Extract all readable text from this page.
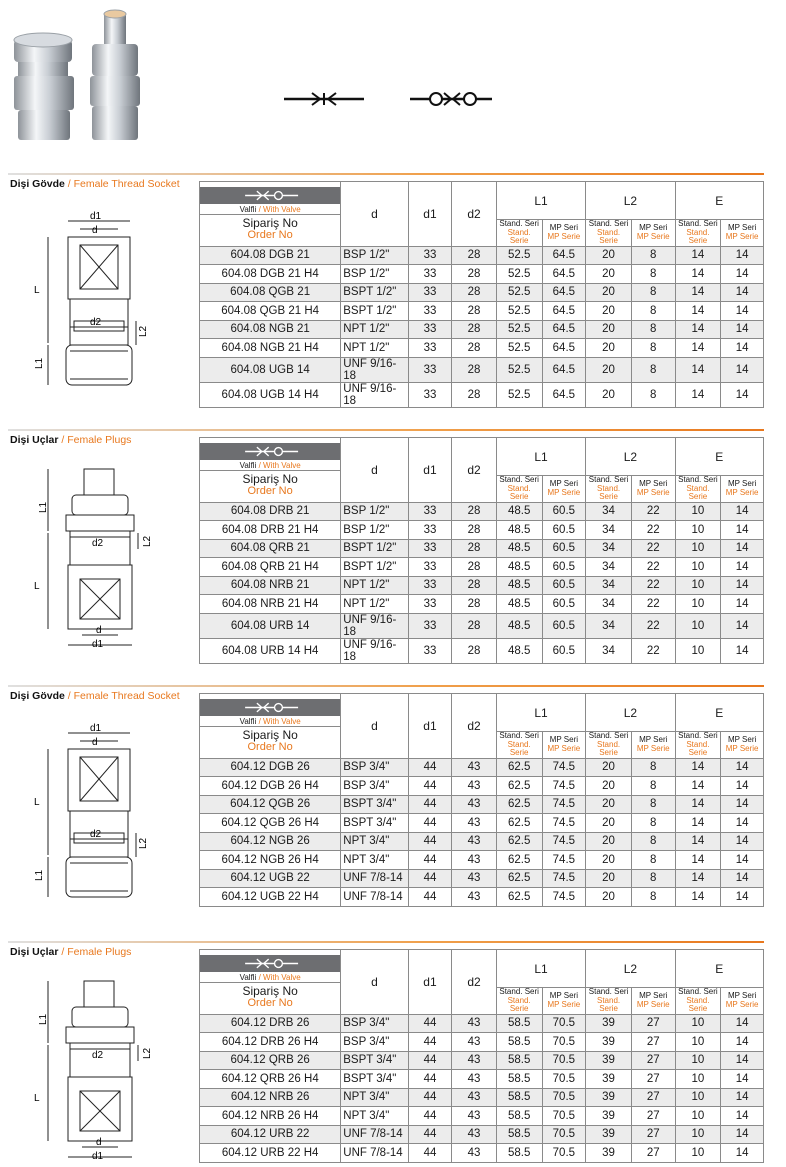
Dişi Gövde / Female Thread Socket
d1
d
d2
L
L1
L2
Valfli / With Valve
Sipariş No
Order No	d	d1	d2	L1		L2		E	
				Stand. Seri
Stand. Serie	MP Seri
MP Serie	Stand. Seri
Stand. Serie	MP Seri
MP Serie	Stand. Seri
Stand. Serie	MP Seri
MP Serie

604.08 DGB 21	BSP 1/2"	33	28	52.5	64.5	20	8	14	14
604.08 DGB 21 H4	BSP 1/2"	33	28	52.5	64.5	20	8	14	14
604.08 QGB 21	BSPT 1/2"	33	28	52.5	64.5	20	8	14	14
604.08 QGB 21 H4	BSPT 1/2"	33	28	52.5	64.5	20	8	14	14
604.08 NGB 21	NPT 1/2"	33	28	52.5	64.5	20	8	14	14
604.08 NGB 21 H4	NPT 1/2"	33	28	52.5	64.5	20	8	14	14
604.08 UGB 14	UNF 9/16-18	33	28	52.5	64.5	20	8	14	14
604.08 UGB 14 H4	UNF 9/16-18	33	28	52.5	64.5	20	8	14	14
Dişi Uçlar / Female Plugs
L1
d2	L2
L
d
d1
Valfli / With Valve
Sipariş No
Order No	d	d1	d2	L1		L2		E	
				Stand. Seri
Stand. Serie	MP Seri
MP Serie	Stand. Seri
Stand. Serie	MP Seri
MP Serie	Stand. Seri
Stand. Serie	MP Seri
MP Serie

604.08 DRB 21	BSP 1/2"	33	28	48.5	60.5	34	22	10	14
604.08 DRB 21 H4	BSP 1/2"	33	28	48.5	60.5	34	22	10	14
604.08 QRB 21	BSPT 1/2"	33	28	48.5	60.5	34	22	10	14
604.08 QRB 21 H4	BSPT 1/2"	33	28	48.5	60.5	34	22	10	14
604.08 NRB 21	NPT 1/2"	33	28	48.5	60.5	34	22	10	14
604.08 NRB 21 H4	NPT 1/2"	33	28	48.5	60.5	34	22	10	14
604.08 URB 14	UNF 9/16-18	33	28	48.5	60.5	34	22	10	14
604.08 URB 14 H4	UNF 9/16-18	33	28	48.5	60.5	34	22	10	14
Dişi Gövde / Female Thread Socket
d1
d
d2
L
L1
L2
Valfli / With Valve
Sipariş No
Order No	d	d1	d2	L1		L2		E	
				Stand. Seri
Stand. Serie	MP Seri
MP Serie	Stand. Seri
Stand. Serie	MP Seri
MP Serie	Stand. Seri
Stand. Serie	MP Seri
MP Serie

604.12 DGB 26	BSP 3/4"	44	43	62.5	74.5	20	8	14	14
604.12 DGB 26 H4	BSP 3/4"	44	43	62.5	74.5	20	8	14	14
604.12 QGB 26	BSPT 3/4"	44	43	62.5	74.5	20	8	14	14
604.12 QGB 26 H4	BSPT 3/4"	44	43	62.5	74.5	20	8	14	14
604.12 NGB 26	NPT 3/4"	44	43	62.5	74.5	20	8	14	14
604.12 NGB 26 H4	NPT 3/4"	44	43	62.5	74.5	20	8	14	14
604.12 UGB 22	UNF 7/8-14	44	43	62.5	74.5	20	8	14	14
604.12 UGB 22 H4	UNF 7/8-14	44	43	62.5	74.5	20	8	14	14
Dişi Uçlar / Female Plugs
L1
d2	L2
L
d
d1
Valfli / With Valve
Sipariş No
Order No	d	d1	d2	L1		L2		E	
				Stand. Seri
Stand. Serie	MP Seri
MP Serie	Stand. Seri
Stand. Serie	MP Seri
MP Serie	Stand. Seri
Stand. Serie	MP Seri
MP Serie

604.12 DRB 26	BSP 3/4"	44	43	58.5	70.5	39	27	10	14
604.12 DRB 26 H4	BSP 3/4"	44	43	58.5	70.5	39	27	10	14
604.12 QRB 26	BSPT 3/4"	44	43	58.5	70.5	39	27	10	14
604.12 QRB 26 H4	BSPT 3/4"	44	43	58.5	70.5	39	27	10	14
604.12 NRB 26	NPT 3/4"	44	43	58.5	70.5	39	27	10	14
604.12 NRB 26 H4	NPT 3/4"	44	43	58.5	70.5	39	27	10	14
604.12 URB 22	UNF 7/8-14	44	43	58.5	70.5	39	27	10	14
604.12 URB 22 H4	UNF 7/8-14	44	43	58.5	70.5	39	27	10	14
